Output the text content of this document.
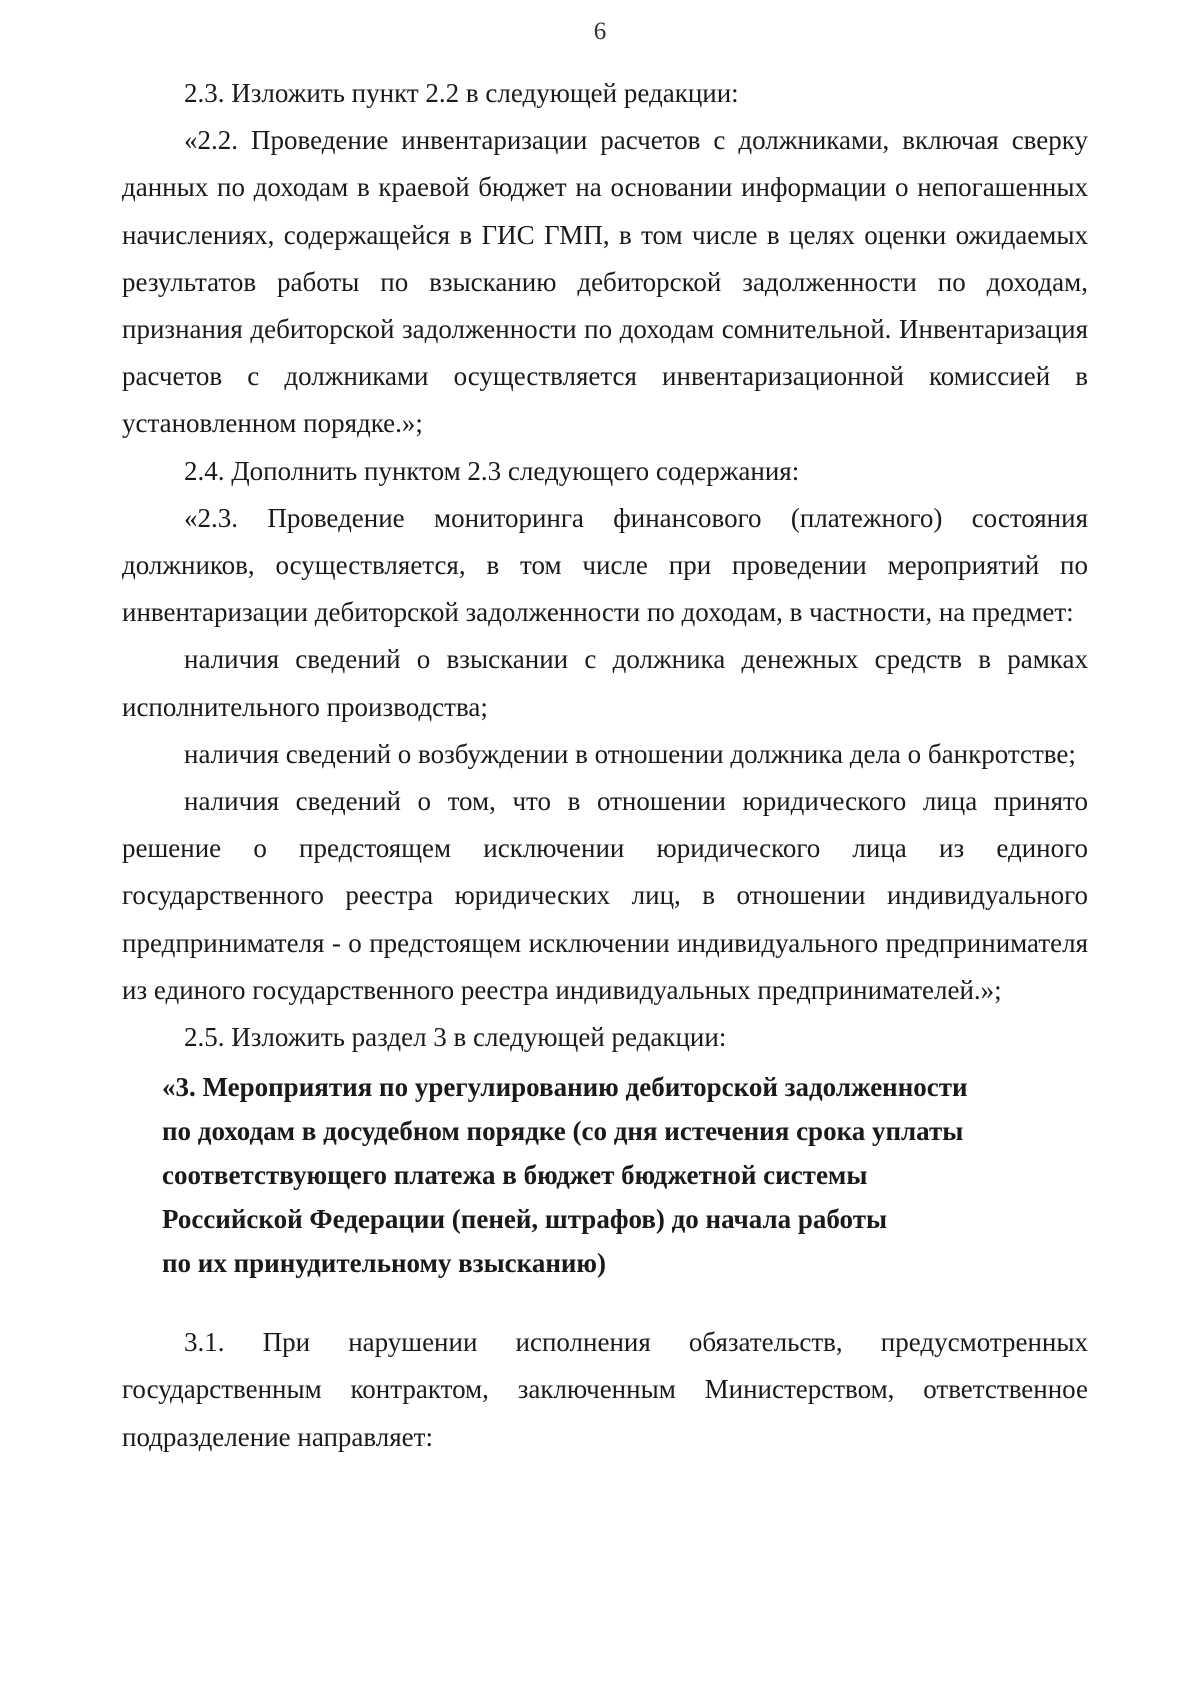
6

2.3. Изложить пункт 2.2 в следующей редакции:

«2.2. Проведение инвентаризации расчетов с должниками, включая сверку данных по доходам в краевой бюджет на основании информации о непогашенных начислениях, содержащейся в ГИС ГМП, в том числе в целях оценки ожидаемых результатов работы по взысканию дебиторской задолженности по доходам, признания дебиторской задолженности по доходам сомнительной. Инвентаризация расчетов с должниками осуществляется инвентаризационной комиссией в установленном порядке.»;

2.4. Дополнить пунктом 2.3 следующего содержания:

«2.3. Проведение мониторинга финансового (платежного) состояния должников, осуществляется, в том числе при проведении мероприятий по инвентаризации дебиторской задолженности по доходам, в частности, на предмет:

наличия сведений о взыскании с должника денежных средств в рамках исполнительного производства;

наличия сведений о возбуждении в отношении должника дела о банкротстве;

наличия сведений о том, что в отношении юридического лица принято решение о предстоящем исключении юридического лица из единого государственного реестра юридических лиц, в отношении индивидуального предпринимателя - о предстоящем исключении индивидуального предпринимателя из единого государственного реестра индивидуальных предпринимателей.»;

2.5. Изложить раздел 3 в следующей редакции:

«3. Мероприятия по урегулированию дебиторской задолженности
по доходам в досудебном порядке (со дня истечения срока уплаты
соответствующего платежа в бюджет бюджетной системы
Российской Федерации (пеней, штрафов) до начала работы
по их принудительному взысканию)

3.1. При нарушении исполнения обязательств, предусмотренных государственным контрактом, заключенным Министерством, ответственное подразделение направляет:
